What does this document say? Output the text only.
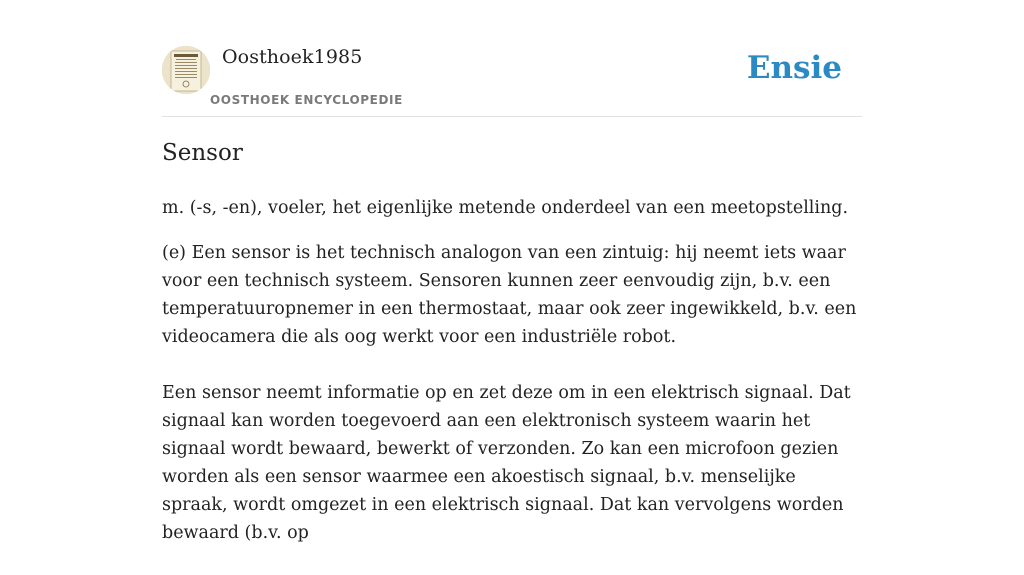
Oosthoek1985
OOSTHOEK ENCYCLOPEDIE
Ensie
Sensor

m. (-s, -en), voeler, het eigenlijke metende onderdeel van een meetopstelling.

(e) Een sensor is het technisch analogon van een zintuig: hij neemt iets waar voor een technisch systeem. Sensoren kunnen zeer eenvoudig zijn, b.v. een temperatuuropnemer in een thermostaat, maar ook zeer ingewikkeld, b.v. een videocamera die als oog werkt voor een industriële robot.

Een sensor neemt informatie op en zet deze om in een elektrisch signaal. Dat signaal kan worden toegevoerd aan een elektronisch systeem waarin het signaal wordt bewaard, bewerkt of verzonden. Zo kan een microfoon gezien worden als een sensor waarmee een akoestisch signaal, b.v. menselijke spraak, wordt omgezet in een elektrisch signaal. Dat kan vervolgens worden bewaard (b.v. op
